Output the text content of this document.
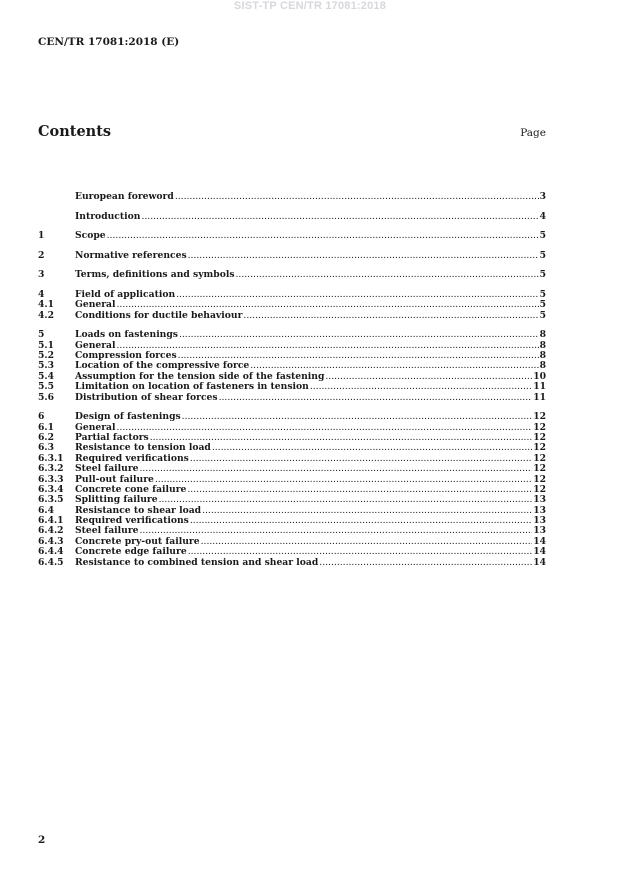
SIST-TP CEN/TR 17081:2018
CEN/TR 17081:2018 (E)
Contents	Page
European foreword .....	3
Introduction .....	4
1	Scope .....	5
2	Normative references .....	5
3	Terms, definitions and symbols .....	5
4	Field of application .....	5
4.1	General .....	5
4.2	Conditions for ductile behaviour .....	5
5	Loads on fastenings .....	8
5.1	General .....	8
5.2	Compression forces .....	8
5.3	Location of the compressive force .....	8
5.4	Assumption for the tension side of the fastening .....	10
5.5	Limitation on location of fasteners in tension .....	11
5.6	Distribution of shear forces .....	11
6	Design of fastenings .....	12
6.1	General .....	12
6.2	Partial factors .....	12
6.3	Resistance to tension load .....	12
6.3.1	Required verifications .....	12
6.3.2	Steel failure .....	12
6.3.3	Pull-out failure .....	12
6.3.4	Concrete cone failure .....	12
6.3.5	Splitting failure .....	13
6.4	Resistance to shear load .....	13
6.4.1	Required verifications .....	13
6.4.2	Steel failure .....	13
6.4.3	Concrete pry-out failure .....	14
6.4.4	Concrete edge failure .....	14
6.4.5	Resistance to combined tension and shear load .....	14
2
